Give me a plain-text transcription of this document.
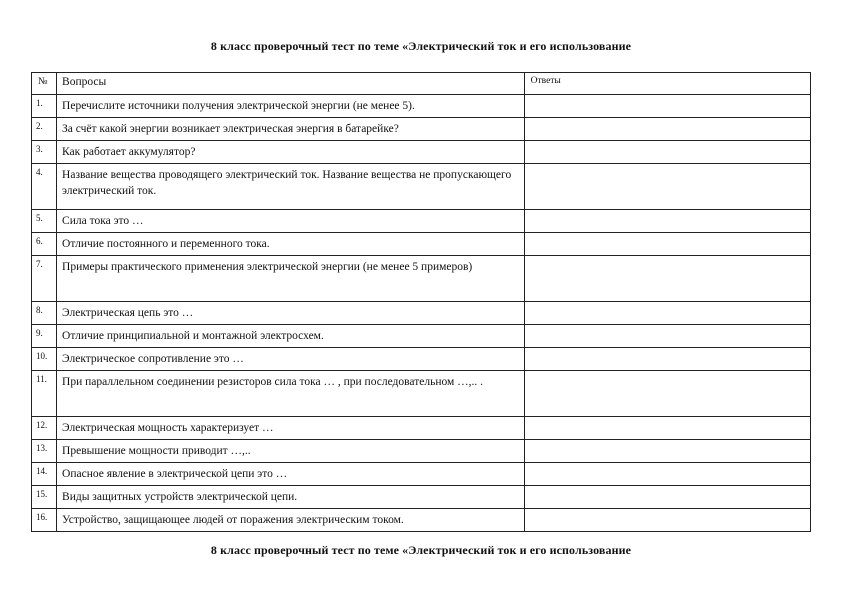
8 класс проверочный тест по теме «Электрический ток и его использование
№	Вопросы	Ответы
1.	Перечислите источники получения электрической энергии (не менее 5).	
2.	За счёт какой энергии возникает электрическая энергия в батарейке?	
3.	Как работает аккумулятор?	
4.	Название вещества проводящего электрический ток. Название вещества не пропускающего электрический ток.	
5.	Сила тока это …	
6.	Отличие постоянного и переменного тока.	
7.	Примеры практического применения электрической энергии (не менее 5 примеров)	
8.	Электрическая цепь это …	
9.	Отличие принципиальной и монтажной электросхем.	
10.	Электрическое сопротивление это …	
11.	При параллельном соединении резисторов сила тока … , при последовательном …,.. .	
12.	Электрическая мощность характеризует …	
13.	Превышение мощности приводит …,..	
14.	Опасное явление в электрической цепи это …	
15.	Виды защитных устройств электрической цепи.	
16.	Устройство, защищающее людей от поражения электрическим током.	
8 класс проверочный тест по теме «Электрический ток и его использование
